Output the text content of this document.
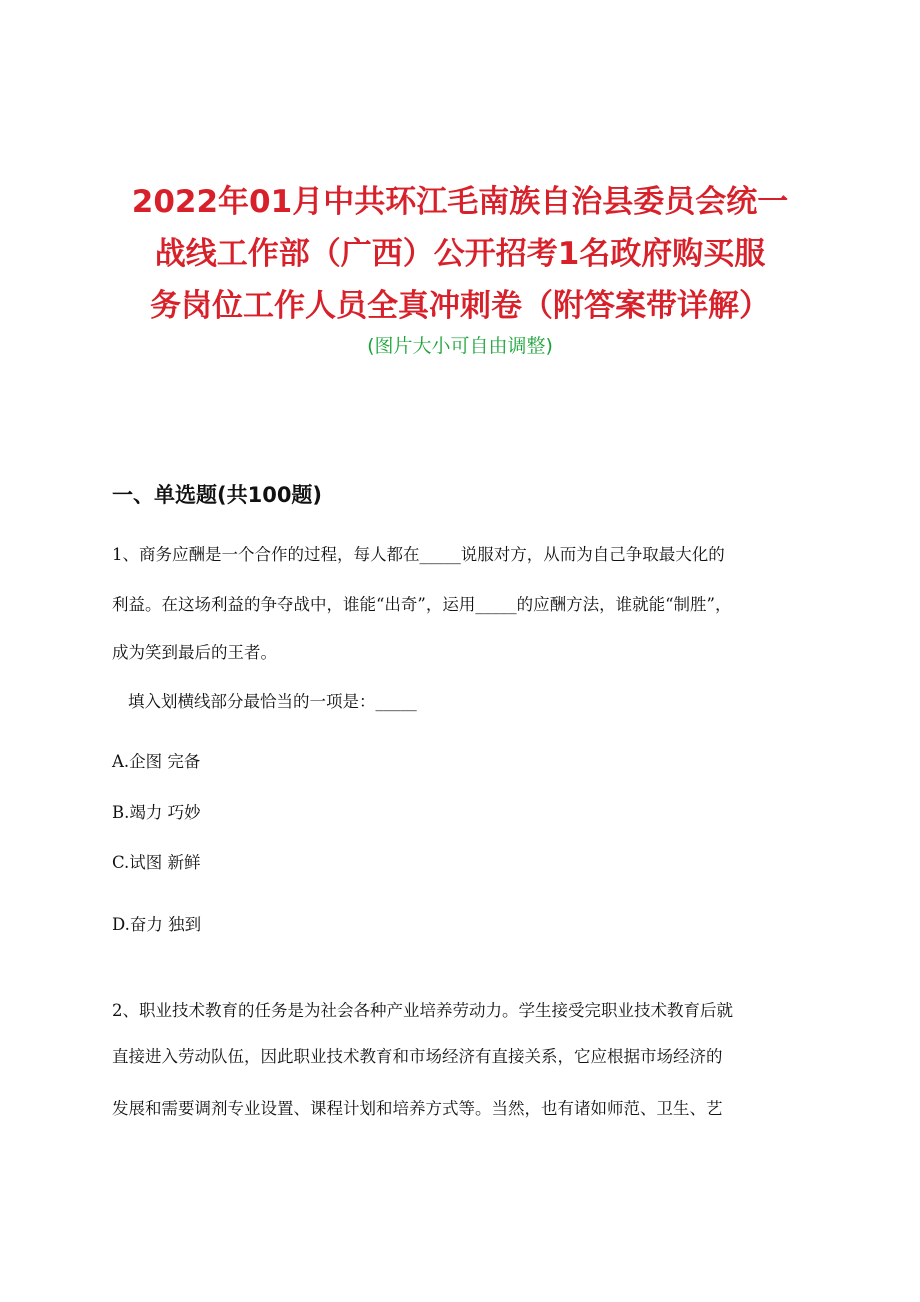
2022年01月中共环江毛南族自治县委员会统一
战线工作部（广西）公开招考1名政府购买服
务岗位工作人员全真冲刺卷（附答案带详解）
(图片大小可自由调整)
一、单选题(共100题)
1、商务应酬是一个合作的过程，每人都在_____说服对方，从而为自己争取最大化的
利益。在这场利益的争夺战中，谁能“出奇”，运用_____的应酬方法，谁就能“制胜”，
成为笑到最后的王者。
填入划横线部分最恰当的一项是：_____
A.企图 完备
B.竭力 巧妙
C.试图 新鲜
D.奋力 独到
2、职业技术教育的任务是为社会各种产业培养劳动力。学生接受完职业技术教育后就
直接进入劳动队伍，因此职业技术教育和市场经济有直接关系，它应根据市场经济的
发展和需要调剂专业设置、课程计划和培养方式等。当然，也有诸如师范、卫生、艺
